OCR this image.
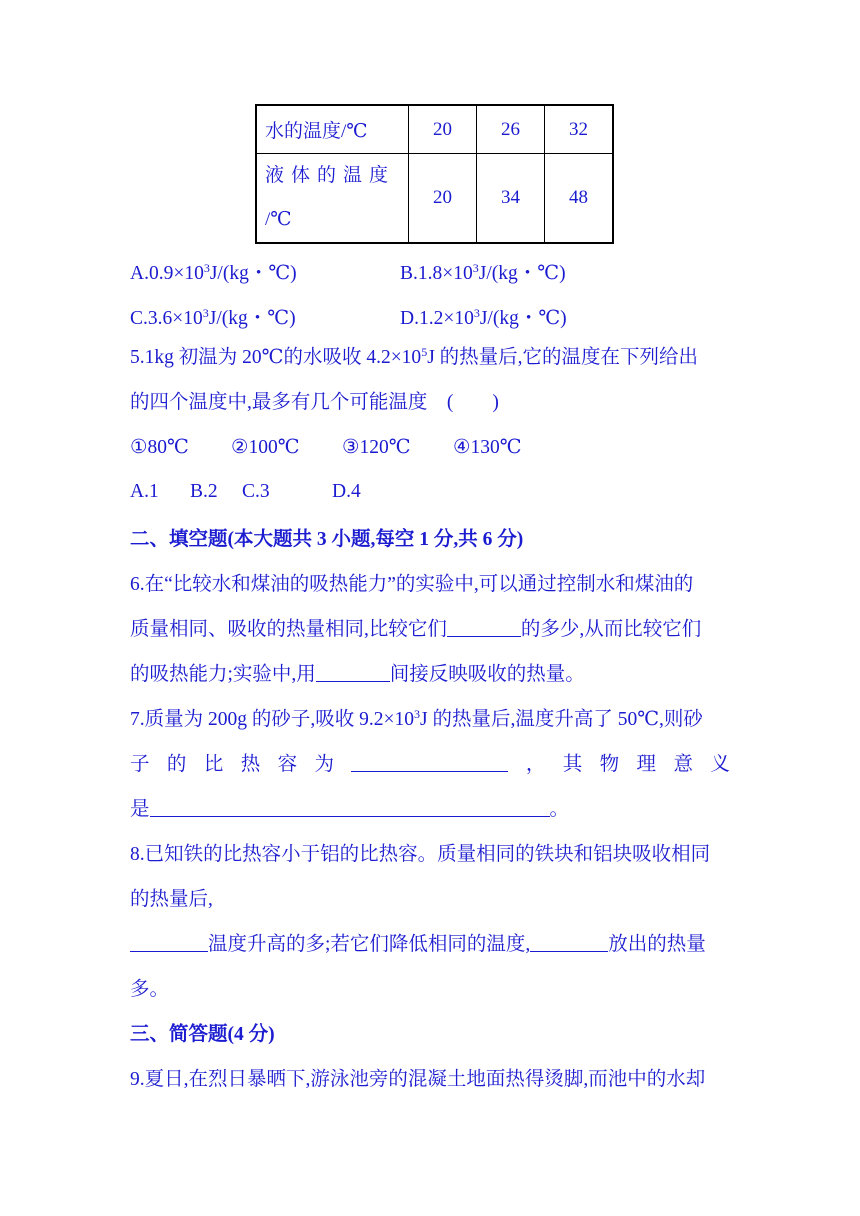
水的温度/℃	20	26	32

液体的温度
/℃	20	34	48
$A.0.9\times 10^3J/(kg$・℃)	$B.1.8\times 10^3J/(kg$・℃)
$C.3.6\times 10^3J/(kg$・℃)	$D.1.2\times 10^3J/(kg$・℃)
5.1kg 初温为 20℃的水吸收 $4.2\times 10^5J$ 的热量后,它的温度在下列给出
的四个温度中,最多有几个可能温度　(　　)
①80℃ ②100℃ ③120℃ ④130℃
A.1 B.2 C.3	D.4
二、填空题(本大题共 3 小题,每空 1 分,共 6 分)
6.在“比较水和煤油的吸热能力”的实验中,可以通过控制水和煤油的
质量相同、吸收的热量相同,比较它们	的多少,从而比较它们
的吸热能力;实验中,用	间接反映吸收的热量。
7.质量为 200g 的砂子,吸收 $9.2\times 10^3J$ 的热量后,温度升高了 50℃,则砂
子 的 比 热 容 为	， 其 物 理 意 义
是	。
8.已知铁的比热容小于铝的比热容。质量相同的铁块和铝块吸收相同
的热量后,
温度升高的多;若它们降低相同的温度,	放出的热量
多。
三、简答题(4 分)
9.夏日,在烈日暴晒下,游泳池旁的混凝土地面热得烫脚,而池中的水却
